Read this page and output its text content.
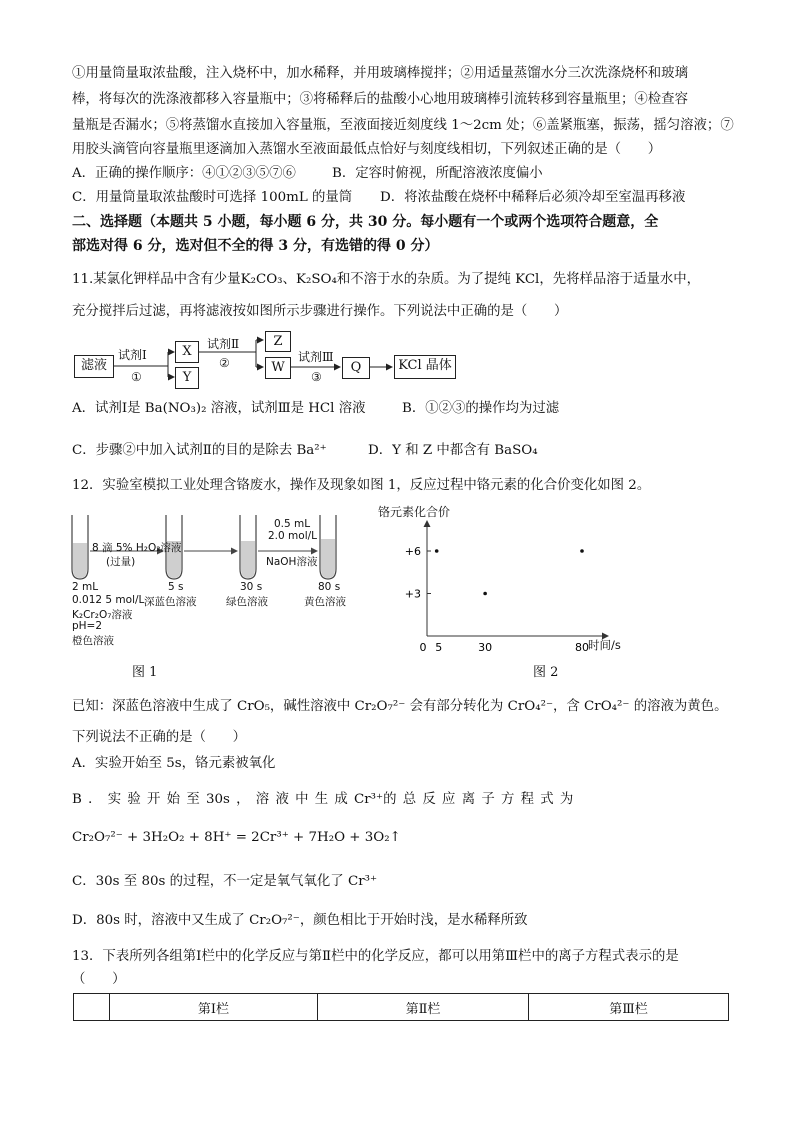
①用量筒量取浓盐酸，注入烧杯中，加水稀释，并用玻璃棒搅拌；②用适量蒸馏水分三次洗涤烧杯和玻璃
棒，将每次的洗涤液都移入容量瓶中；③将稀释后的盐酸小心地用玻璃棒引流转移到容量瓶里；④检查容
量瓶是否漏水；⑤将蒸馏水直接加入容量瓶，至液面接近刻度线 1～2cm 处；⑥盖紧瓶塞，振荡，摇匀溶液；⑦
用胶头滴管向容量瓶里逐滴加入蒸馏水至液面最低点恰好与刻度线相切，下列叙述正确的是（　　）
A．正确的操作顺序：④①②③⑤⑦⑥	B．定容时俯视，所配溶液浓度偏小
C．用量筒量取浓盐酸时可选择 100mL 的量筒 D．将浓盐酸在烧杯中稀释后必须冷却至室温再移液
二、选择题（本题共 5 小题，每小题 6 分，共 30 分。每小题有一个或两个选项符合题意，全
部选对得 6 分，选对但不全的得 3 分，有选错的得 0 分）
11.某氯化钾样品中含有少量K₂CO₃、K₂SO₄和不溶于水的杂质。为了提纯 KCl，先将样品溶于适量水中，
充分搅拌后过滤，再将滤液按如图所示步骤进行操作。下列说法中正确的是（　　）
滤液
X
Y
Z
W	Q	KCl 晶体
试剂Ⅰ
①
试剂Ⅱ
②	试剂Ⅲ
③
A．试剂Ⅰ是 Ba(NO₃)₂ 溶液，试剂Ⅲ是 HCl 溶液	B．①②③的操作均为过滤
C．步骤②中加入试剂Ⅱ的目的是除去 Ba²⁺	D．Y 和 Z 中都含有 BaSO₄
12．实验室模拟工业处理含铬废水，操作及现象如图 1，反应过程中铬元素的化合价变化如图 2。
8 滴 5% H₂O₂溶液
(过量)
0.5 mL
2.0 mol/L
NaOH溶液
2 mL
0.012 5 mol/L
K₂Cr₂O₇溶液
pH=2
橙色溶液
5 s
深蓝色溶液
30 s
绿色溶液
80 s
黄色溶液
图 1
+3
+6
0 5	30	80
铬元素化合价
时间/s
图 2
已知：深蓝色溶液中生成了 CrO₅，碱性溶液中 Cr₂O₇²⁻ 会有部分转化为 CrO₄²⁻，含 CrO₄²⁻ 的溶液为黄色。
下列说法不正确的是（　　）
A．实验开始至 5s，铬元素被氧化
B ． 实 验 开 始 至 30s ， 溶 液 中 生 成 Cr³⁺的 总 反 应 离 子 方 程 式 为
Cr₂O₇²⁻ + 3H₂O₂ + 8H⁺ = 2Cr³⁺ + 7H₂O + 3O₂↑
C．30s 至 80s 的过程，不一定是氧气氧化了 Cr³⁺
D．80s 时，溶液中又生成了 Cr₂O₇²⁻，颜色相比于开始时浅，是水稀释所致
13．下表所列各组第Ⅰ栏中的化学反应与第Ⅱ栏中的化学反应，都可以用第Ⅲ栏中的离子方程式表示的是
（　　）
	第Ⅰ栏	第Ⅱ栏	第Ⅲ栏
